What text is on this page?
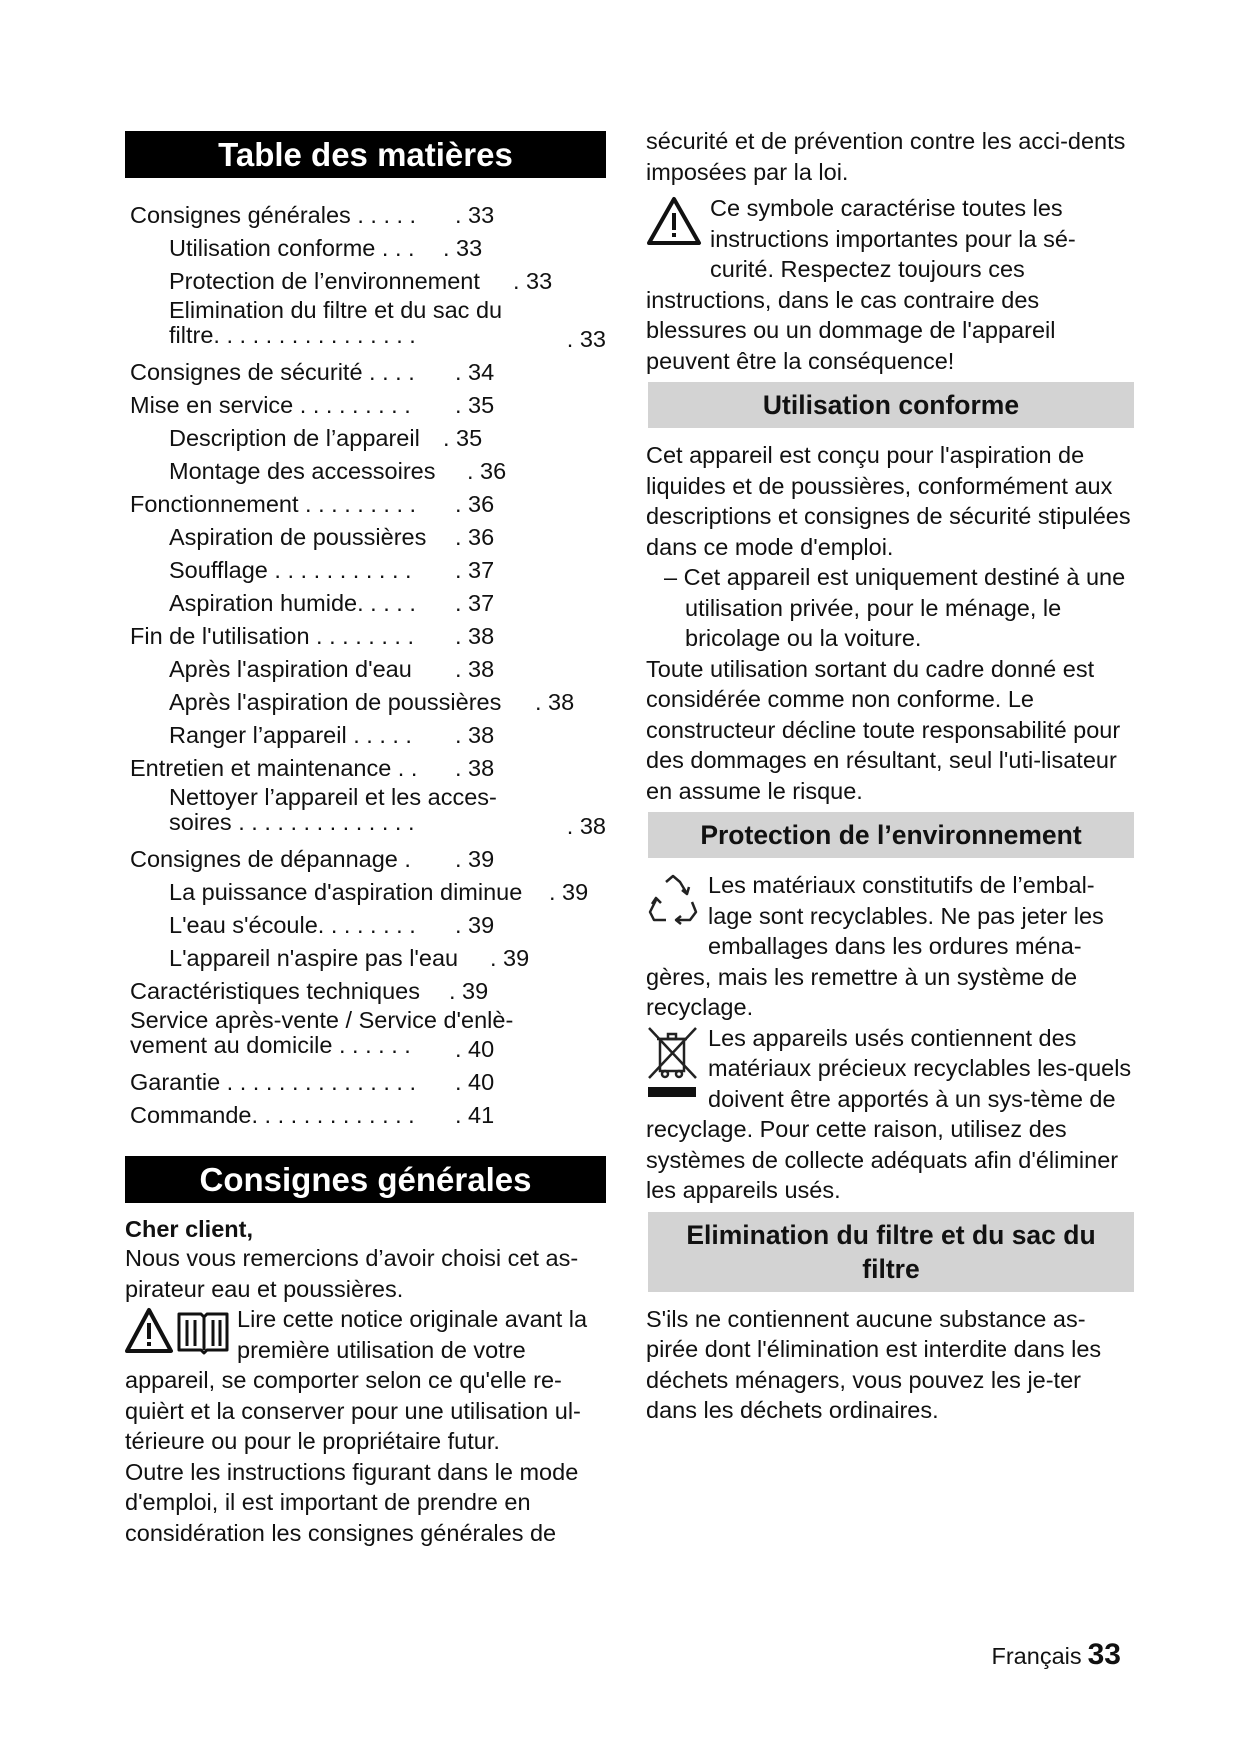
Table des matières
Consignes générales . . . . . . 33
Utilisation conforme . . . . 33
Protection de l’environnement . 33
Elimination du filtre et du sac du
filtre. . . . . . . . . . . . . . . .	. 33
Consignes de sécurité . . . . . 34
Mise en service . . . . . . . . . . 35
Description de l’appareil . 35
Montage des accessoires . 36
Fonctionnement . . . . . . . . . . 36
Aspiration de poussières . 36
Soufflage . . . . . . . . . . . . 37
Aspiration humide. . . . . . 37
Fin de l'utilisation . . . . . . . . . 38
Après l'aspiration d'eau . 38
Après l'aspiration de poussières . 38
Ranger l’appareil . . . . . . 38
Entretien et maintenance . . . 38
Nettoyer l’appareil et les acces-
soires . . . . . . . . . . . . . .	. 38
Consignes de dépannage . . 39
La puissance d'aspiration diminue . 39
L'eau s'écoule. . . . . . . . . 39
L'appareil n'aspire pas l'eau . 39
Caractéristiques techniques . 39
Service après-vente / Service d'enlè-
vement au domicile . . . . . .	. 40
Garantie . . . . . . . . . . . . . . . . 40
Commande. . . . . . . . . . . . . . 41
Consignes générales
Cher client,
Nous vous remercions d’avoir choisi cet as-pirateur eau et poussières.
Lire cette notice originale avant la première utilisation de votre appareil, se comporter selon ce qu'elle re-quièrt et la conserver pour une utilisation ul-térieure ou pour le propriétaire futur.
Outre les instructions figurant dans le mode d'emploi, il est important de prendre en considération les consignes générales de
sécurité et de prévention contre les acci-dents imposées par la loi.
Ce symbole caractérise toutes les instructions importantes pour la sé-curité. Respectez toujours ces instructions, dans le cas contraire des blessures ou un dommage de l'appareil peuvent être la conséquence!
Utilisation conforme
Cet appareil est conçu pour l'aspiration de liquides et de poussières, conformément aux descriptions et consignes de sécurité stipulées dans ce mode d'emploi.
– Cet appareil est uniquement destiné à une utilisation privée, pour le ménage, le bricolage ou la voiture.
Toute utilisation sortant du cadre donné est considérée comme non conforme. Le constructeur décline toute responsabilité pour des dommages en résultant, seul l'uti-lisateur en assume le risque.
Protection de l’environnement
Les matériaux constitutifs de l’embal-lage sont recyclables. Ne pas jeter les emballages dans les ordures ména-gères, mais les remettre à un système de recyclage.
Les appareils usés contiennent des matériaux précieux recyclables les-quels doivent être apportés à un sys-tème de recyclage. Pour cette raison, utilisez des systèmes de collecte adéquats afin d'éliminer les appareils usés.
Elimination du filtre et du sac du filtre
S'ils ne contiennent aucune substance as-pirée dont l'élimination est interdite dans les déchets ménagers, vous pouvez les je-ter dans les déchets ordinaires.
Français 33
